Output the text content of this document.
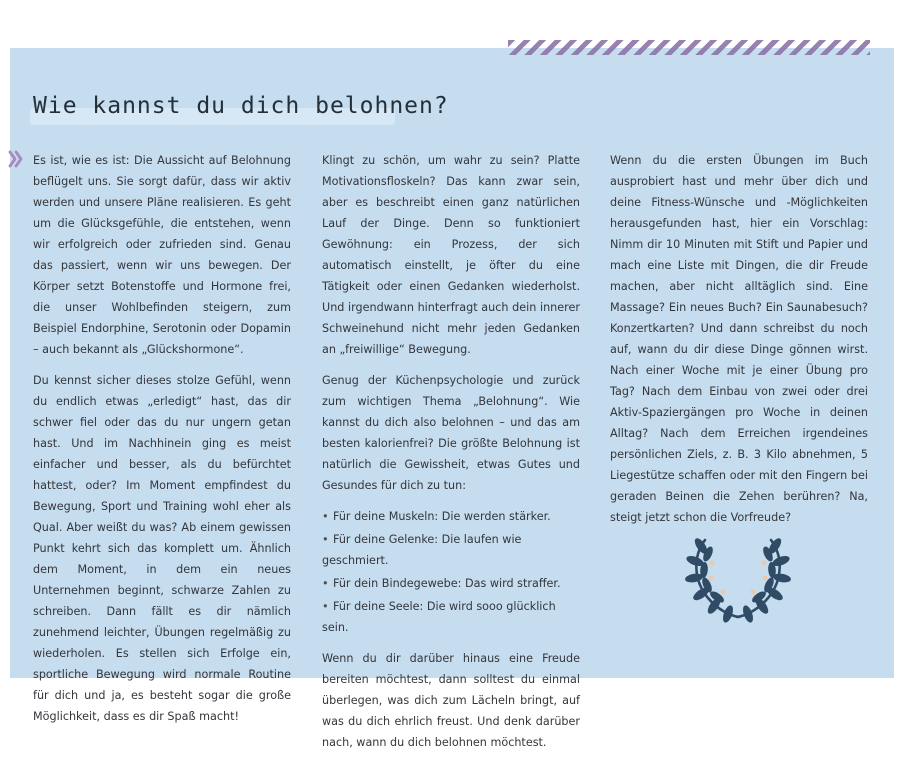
Wie kannst du dich belohnen?

Es ist, wie es ist: Die Aussicht auf Belohnung beflügelt uns. Sie sorgt dafür, dass wir aktiv werden und unsere Pläne realisieren. Es geht um die Glücksgefühle, die entstehen, wenn wir erfolgreich oder zufrieden sind. Genau das passiert, wenn wir uns bewegen. Der Körper setzt Botenstoffe und Hormone frei, die unser Wohlbefinden steigern, zum Beispiel Endorphine, Serotonin oder Dopamin – auch bekannt als „Glückshormone“.

Du kennst sicher dieses stolze Gefühl, wenn du endlich etwas „erledigt“ hast, das dir schwer fiel oder das du nur ungern getan hast. Und im Nachhinein ging es meist einfacher und besser, als du befürchtet hattest, oder? Im Moment empfindest du Bewegung, Sport und Training wohl eher als Qual. Aber weißt du was? Ab einem gewissen Punkt kehrt sich das komplett um. Ähnlich dem Moment, in dem ein neues Unternehmen beginnt, schwarze Zahlen zu schreiben. Dann fällt es dir nämlich zunehmend leichter, Übungen regelmäßig zu wiederholen. Es stellen sich Erfolge ein, sportliche Bewegung wird normale Routine für dich und ja, es besteht sogar die große Möglichkeit, dass es dir Spaß macht!

Klingt zu schön, um wahr zu sein? Platte Motivationsfloskeln? Das kann zwar sein, aber es beschreibt einen ganz natürlichen Lauf der Dinge. Denn so funktioniert Gewöhnung: ein Prozess, der sich automatisch einstellt, je öfter du eine Tätigkeit oder einen Gedanken wiederholst. Und irgendwann hinterfragt auch dein innerer Schweinehund nicht mehr jeden Gedanken an „freiwillige“ Bewegung.

Genug der Küchenpsychologie und zurück zum wichtigen Thema „Belohnung“. Wie kannst du dich also belohnen – und das am besten kalorienfrei? Die größte Belohnung ist natürlich die Gewissheit, etwas Gutes und Gesundes für dich zu tun:

• Für deine Muskeln: Die werden stärker.
• Für deine Gelenke: Die laufen wie geschmiert.
• Für dein Bindegewebe: Das wird straffer.
• Für deine Seele: Die wird sooo glücklich sein.

Wenn du dir darüber hinaus eine Freude bereiten möchtest, dann solltest du einmal überlegen, was dich zum Lächeln bringt, auf was du dich ehrlich freust. Und denk darüber nach, wann du dich belohnen möchtest.

Wenn du die ersten Übungen im Buch ausprobiert hast und mehr über dich und deine Fitness-Wünsche und -Möglichkeiten herausgefunden hast, hier ein Vorschlag: Nimm dir 10 Minuten mit Stift und Papier und mach eine Liste mit Dingen, die dir Freude machen, aber nicht alltäglich sind. Eine Massage? Ein neues Buch? Ein Saunabesuch? Konzertkarten? Und dann schreibst du noch auf, wann du dir diese Dinge gönnen wirst. Nach einer Woche mit je einer Übung pro Tag? Nach dem Einbau von zwei oder drei Aktiv-Spaziergängen pro Woche in deinen Alltag? Nach dem Erreichen irgendeines persönlichen Ziels, z. B. 3 Kilo abnehmen, 5 Liegestütze schaffen oder mit den Fingern bei geraden Beinen die Zehen berühren? Na, steigt jetzt schon die Vorfreude?
